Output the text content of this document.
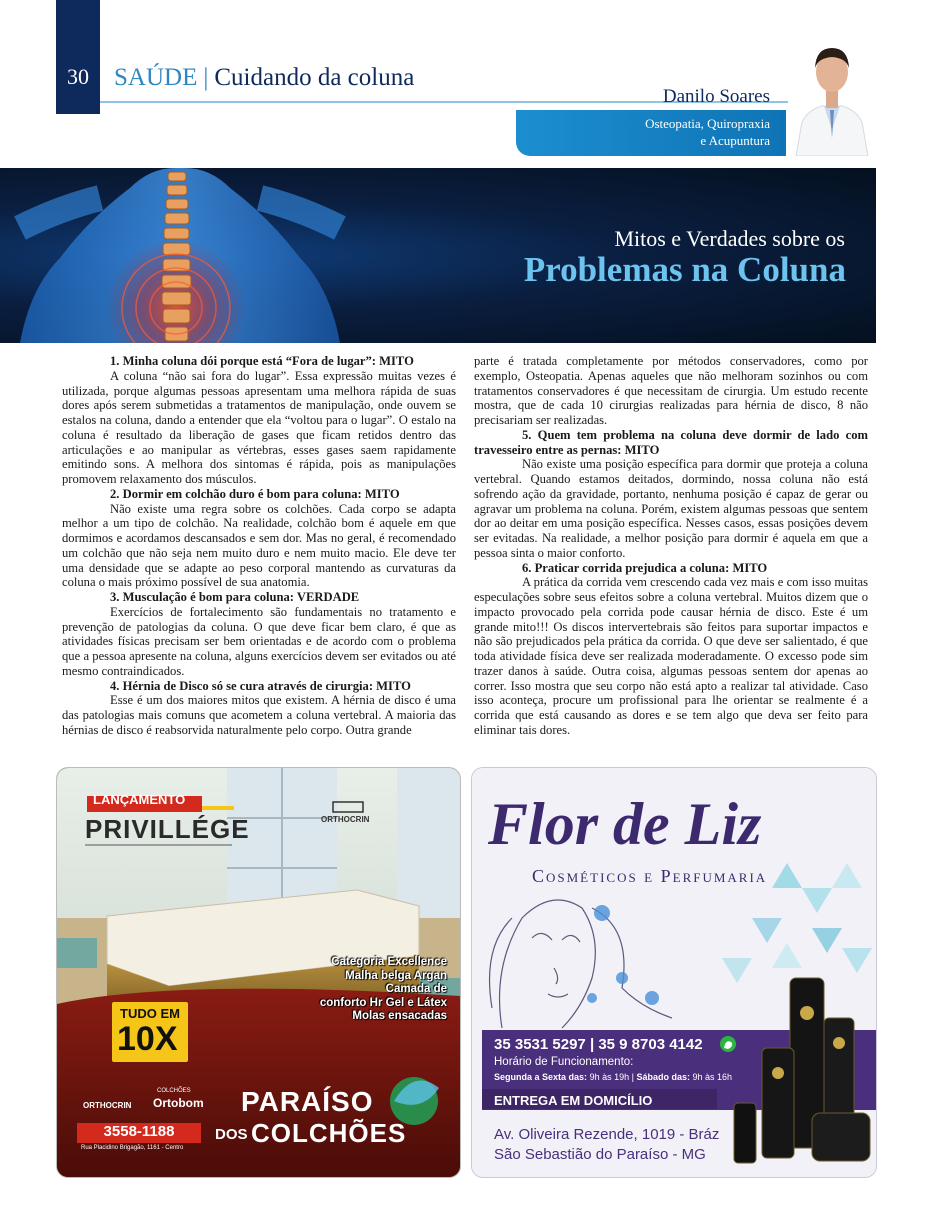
30	SAÚDE | Cuidando da coluna
Danilo Soares
Osteopatia, Quiropraxia
e Acupuntura
Mitos e Verdades sobre os
Problemas na Coluna

1. Minha coluna dói porque está “Fora de lugar”: MITO

A coluna “não sai fora do lugar”. Essa expressão muitas vezes é utilizada, porque algumas pessoas apresentam uma melhora rápida de suas dores após serem submetidas a tratamentos de manipulação, onde ouvem se estalos na coluna, dando a entender que ela “voltou para o lugar”. O estalo na coluna é resultado da liberação de gases que ficam retidos dentro das articulações e ao manipular as vértebras, esses gases saem rapidamente emitindo sons. A melhora dos sintomas é rápida, pois as manipulações promovem relaxamento dos músculos.

2. Dormir em colchão duro é bom para coluna: MITO

Não existe uma regra sobre os colchões. Cada corpo se adapta melhor a um tipo de colchão. Na realidade, colchão bom é aquele em que dormimos e acordamos descansados e sem dor. Mas no geral, é recomendado um colchão que não seja nem muito duro e nem muito macio. Ele deve ter uma densidade que se adapte ao peso corporal mantendo as curvaturas da coluna o mais próximo possível de sua anatomia.

3. Musculação é bom para coluna: VERDADE

Exercícios de fortalecimento são fundamentais no tratamento e prevenção de patologias da coluna. O que deve ficar bem claro, é que as atividades físicas precisam ser bem orientadas e de acordo com o problema que a pessoa apresente na coluna, alguns exercícios devem ser evitados ou até mesmo contraindicados.

4. Hérnia de Disco só se cura através de cirurgia: MITO

Esse é um dos maiores mitos que existem. A hérnia de disco é uma das patologias mais comuns que acometem a coluna vertebral. A maioria das hérnias de disco é reabsorvida naturalmente pelo corpo. Outra grande

parte é tratada completamente por métodos conservadores, como por exemplo, Osteopatia. Apenas aqueles que não melhoram sozinhos ou com tratamentos conservadores é que necessitam de cirurgia. Um estudo recente mostra, que de cada 10 cirurgias realizadas para hérnia de disco, 8 não precisariam ser realizadas.

5. Quem tem problema na coluna deve dormir de lado com travesseiro entre as pernas: MITO

Não existe uma posição específica para dormir que proteja a coluna vertebral. Quando estamos deitados, dormindo, nossa coluna não está sofrendo ação da gravidade, portanto, nenhuma posição é capaz de gerar ou agravar um problema na coluna. Porém, existem algumas pessoas que sentem dor ao deitar em uma posição específica. Nesses casos, essas posições devem ser evitadas. Na realidade, a melhor posição para dormir é aquela em que a pessoa sinta o maior conforto.

6. Praticar corrida prejudica a coluna: MITO

A prática da corrida vem crescendo cada vez mais e com isso muitas especulações sobre seus efeitos sobre a coluna vertebral. Muitos dizem que o impacto provocado pela corrida pode causar hérnia de disco. Este é um grande mito!!! Os discos intervertebrais são feitos para suportar impactos e não são prejudicados pela prática da corrida. O que deve ser salientado, é que toda atividade física deve ser realizada moderadamente. O excesso pode sim trazer danos à saúde. Outra coisa, algumas pessoas sentem dor apenas ao correr. Isso mostra que seu corpo não está apto a realizar tal atividade. Caso isso aconteça, procure um profissional para lhe orientar se realmente é a corrida que está causando as dores e se tem algo que deva ser feito para eliminar tais dores.

LANÇAMENTO
PRIVILLÉGE	ORTHOCRIN
Categoria Excellence
Malha belga Argan
Camada de
conforto Hr Gel e Látex
Molas ensacadas
TUDO EM
10X
ORTHOCRIN
COLCHÕES
Ortobom
3558-1188
Rua Placidino Brigagão, 1161 - Centro
PARAÍSO
DOS COLCHÕES
Flor de Liz
Cosméticos e Perfumaria
35 3531 5297 | 35 9 8703 4142
Horário de Funcionamento:
Segunda a Sexta das: 9h às 19h | Sábado das: 9h às 16h
ENTREGA EM DOMICÍLIO
Av. Oliveira Rezende, 1019 - Bráz
São Sebastião do Paraíso - MG
